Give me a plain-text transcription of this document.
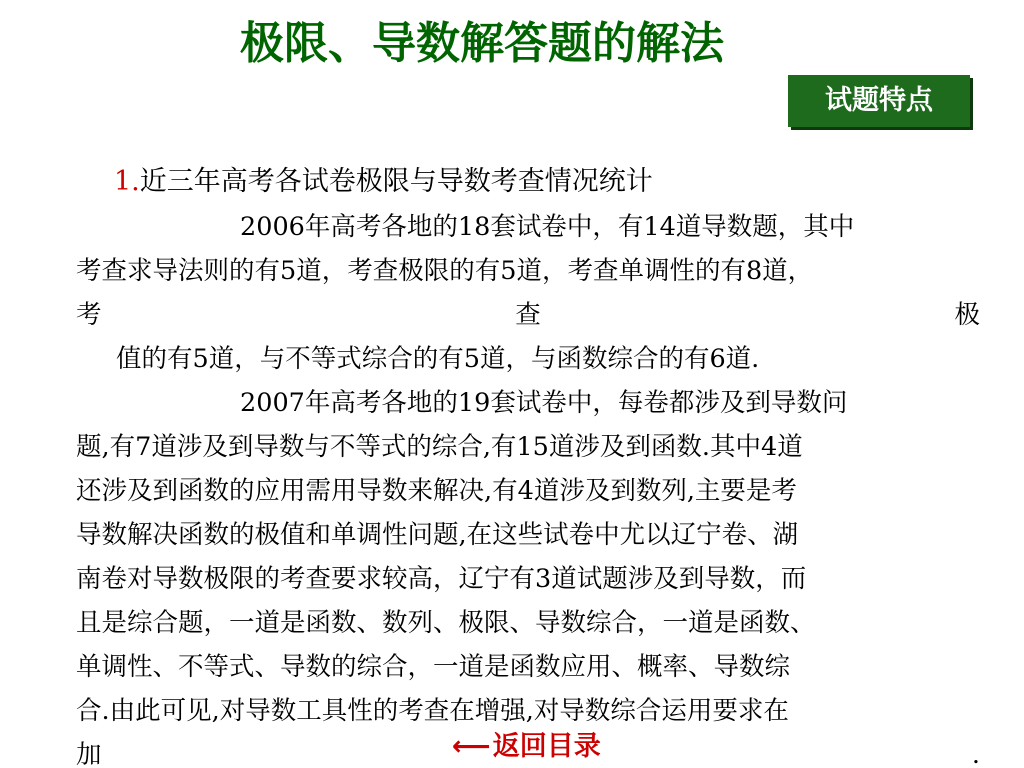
极限、导数解答题的解法
试题特点
1.近三年高考各试卷极限与导数考查情况统计
2006年高考各地的18套试卷中，有14道导数题，其中
考查求导法则的有5道，考查极限的有5道，考查单调性的有8道，
考	查	极
值的有5道，与不等式综合的有5道，与函数综合的有6道.
2007年高考各地的19套试卷中，每卷都涉及到导数问
题,有7道涉及到导数与不等式的综合,有15道涉及到函数.其中4道
还涉及到函数的应用需用导数来解决,有4道涉及到数列,主要是考
导数解决函数的极值和单调性问题,在这些试卷中尤以辽宁卷、湖
南卷对导数极限的考查要求较高，辽宁有3道试题涉及到导数，而
且是综合题，一道是函数、数列、极限、导数综合，一道是函数、
单调性、不等式、导数的综合，一道是函数应用、概率、导数综
合.由此可见,对导数工具性的考查在增强,对导数综合运用要求在
加	.
⟵返回目录
